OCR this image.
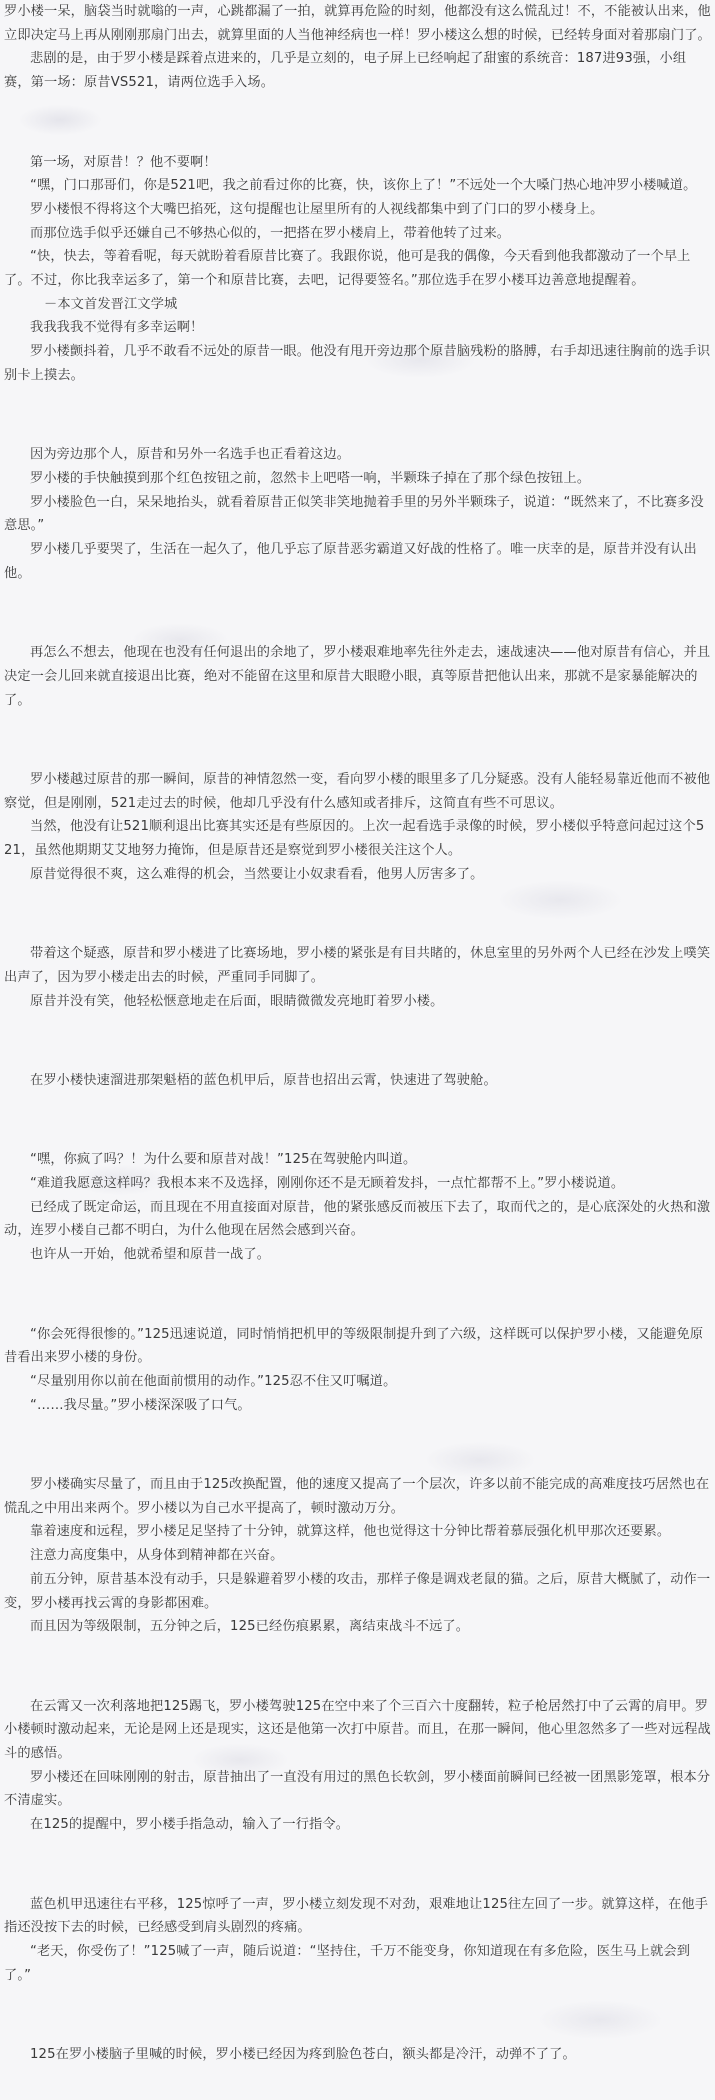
罗小楼一呆，脑袋当时就嗡的一声，心跳都漏了一拍，就算再危险的时刻，他都没有这么慌乱过！不，不能被认出来，他立即决定马上再从刚刚那扇门出去，就算里面的人当他神经病也一样！罗小楼这么想的时候，已经转身面对着那扇门了。

悲剧的是，由于罗小楼是踩着点进来的，几乎是立刻的，电子屏上已经响起了甜蜜的系统音：187进93强，小组赛，第一场：原昔VS521，请两位选手入场。

第一场，对原昔！？他不要啊！

“嘿，门口那哥们，你是521吧，我之前看过你的比赛，快，该你上了！”不远处一个大嗓门热心地冲罗小楼喊道。

罗小楼恨不得将这个大嘴巴掐死，这句提醒也让屋里所有的人视线都集中到了门口的罗小楼身上。

而那位选手似乎还嫌自己不够热心似的，一把搭在罗小楼肩上，带着他转了过来。

“快，快去，等着看呢，每天就盼着看原昔比赛了。我跟你说，他可是我的偶像，今天看到他我都激动了一个早上了。不过，你比我幸运多了，第一个和原昔比赛，去吧，记得要签名。”那位选手在罗小楼耳边善意地提醒着。

－本文首发晋江文学城

我我我我不觉得有多幸运啊！

罗小楼颤抖着，几乎不敢看不远处的原昔一眼。他没有甩开旁边那个原昔脑残粉的胳膊，右手却迅速往胸前的选手识别卡上摸去。

因为旁边那个人，原昔和另外一名选手也正看着这边。

罗小楼的手快触摸到那个红色按钮之前，忽然卡上吧嗒一响，半颗珠子掉在了那个绿色按钮上。

罗小楼脸色一白，呆呆地抬头，就看着原昔正似笑非笑地抛着手里的另外半颗珠子，说道：“既然来了，不比赛多没意思。”

罗小楼几乎要哭了，生活在一起久了，他几乎忘了原昔恶劣霸道又好战的性格了。唯一庆幸的是，原昔并没有认出他。

再怎么不想去，他现在也没有任何退出的余地了，罗小楼艰难地率先往外走去，速战速决——他对原昔有信心，并且决定一会儿回来就直接退出比赛，绝对不能留在这里和原昔大眼瞪小眼，真等原昔把他认出来，那就不是家暴能解决的了。

罗小楼越过原昔的那一瞬间，原昔的神情忽然一变，看向罗小楼的眼里多了几分疑惑。没有人能轻易靠近他而不被他察觉，但是刚刚，521走过去的时候，他却几乎没有什么感知或者排斥，这简直有些不可思议。

当然，他没有让521顺利退出比赛其实还是有些原因的。上次一起看选手录像的时候，罗小楼似乎特意问起过这个521，虽然他期期艾艾地努力掩饰，但是原昔还是察觉到罗小楼很关注这个人。

原昔觉得很不爽，这么难得的机会，当然要让小奴隶看看，他男人厉害多了。

带着这个疑惑，原昔和罗小楼进了比赛场地，罗小楼的紧张是有目共睹的，休息室里的另外两个人已经在沙发上噗笑出声了，因为罗小楼走出去的时候，严重同手同脚了。

原昔并没有笑，他轻松惬意地走在后面，眼睛微微发亮地盯着罗小楼。

在罗小楼快速溜进那架魁梧的蓝色机甲后，原昔也招出云霄，快速进了驾驶舱。

“嘿，你疯了吗？！为什么要和原昔对战！”125在驾驶舱内叫道。

“难道我愿意这样吗？我根本来不及选择，刚刚你还不是无顾着发抖，一点忙都帮不上。”罗小楼说道。

已经成了既定命运，而且现在不用直接面对原昔，他的紧张感反而被压下去了，取而代之的，是心底深处的火热和激动，连罗小楼自己都不明白，为什么他现在居然会感到兴奋。

也许从一开始，他就希望和原昔一战了。

“你会死得很惨的。”125迅速说道，同时悄悄把机甲的等级限制提升到了六级，这样既可以保护罗小楼，又能避免原昔看出来罗小楼的身份。

“尽量别用你以前在他面前惯用的动作。”125忍不住又叮嘱道。

“……我尽量。”罗小楼深深吸了口气。

罗小楼确实尽量了，而且由于125改换配置，他的速度又提高了一个层次，许多以前不能完成的高难度技巧居然也在慌乱之中用出来两个。罗小楼以为自己水平提高了，顿时激动万分。

靠着速度和远程，罗小楼足足坚持了十分钟，就算这样，他也觉得这十分钟比帮着慕辰强化机甲那次还要累。

注意力高度集中，从身体到精神都在兴奋。

前五分钟，原昔基本没有动手，只是躲避着罗小楼的攻击，那样子像是调戏老鼠的猫。之后，原昔大概腻了，动作一变，罗小楼再找云霄的身影都困难。

而且因为等级限制，五分钟之后，125已经伤痕累累，离结束战斗不远了。

在云霄又一次利落地把125踢飞，罗小楼驾驶125在空中来了个三百六十度翻转，粒子枪居然打中了云霄的肩甲。罗小楼顿时激动起来，无论是网上还是现实，这还是他第一次打中原昔。而且，在那一瞬间，他心里忽然多了一些对远程战斗的感悟。

罗小楼还在回味刚刚的射击，原昔抽出了一直没有用过的黑色长软剑，罗小楼面前瞬间已经被一团黑影笼罩，根本分不清虚实。

在125的提醒中，罗小楼手指急动，输入了一行指令。

蓝色机甲迅速往右平移，125惊呼了一声，罗小楼立刻发现不对劲，艰难地让125往左回了一步。就算这样，在他手指还没按下去的时候，已经感受到肩头剧烈的疼痛。

“老天，你受伤了！”125喊了一声，随后说道：“坚持住，千万不能变身，你知道现在有多危险，医生马上就会到了。”

125在罗小楼脑子里喊的时候，罗小楼已经因为疼到脸色苍白，额头都是冷汗，动弹不了了。
